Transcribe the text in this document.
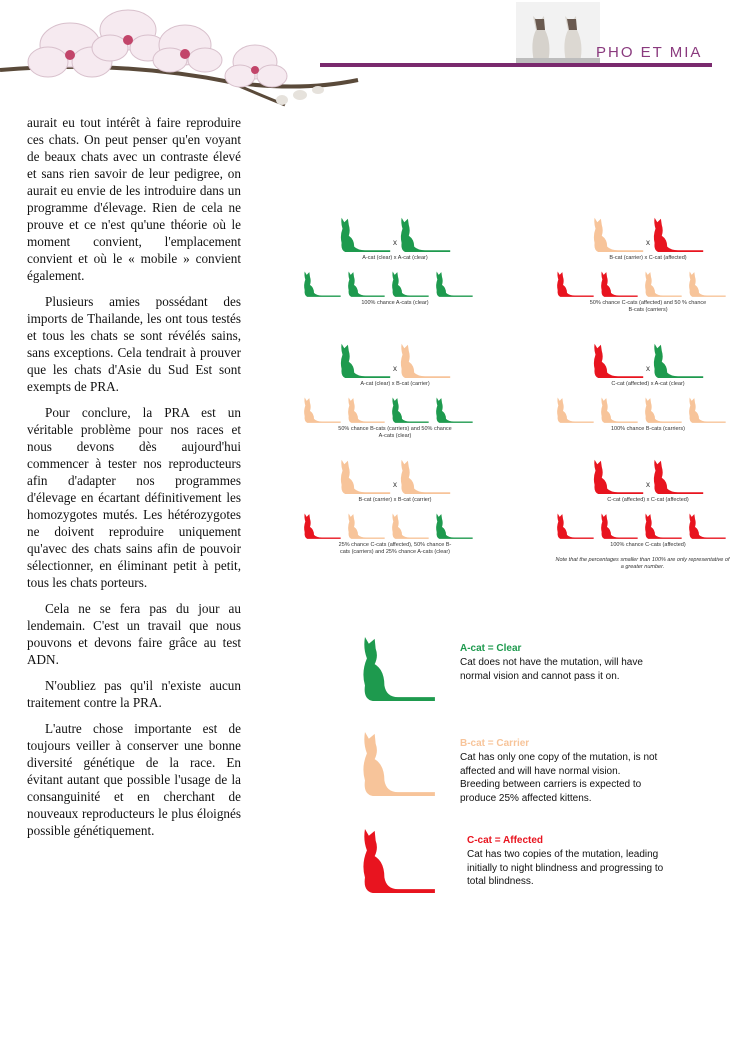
PHO ET MIA

aurait eu tout intérêt à faire reproduire ces chats. On peut penser qu'en voyant de beaux chats avec un contraste élevé et sans rien savoir de leur pedigree, on aurait eu envie de les introduire dans un programme d'élevage. Rien de cela ne prouve et ce n'est qu'une théorie où le moment convient, l'emplacement convient et où le « mobile » convient également.

Plusieurs amies possédant des imports de Thailande, les ont tous testés et tous les chats se sont révélés sains, sans exceptions. Cela tendrait à prouver que les chats d'Asie du Sud Est sont exempts de PRA.

Pour conclure, la PRA est un véritable problème pour nos races et nous devons dès aujourd'hui commencer à tester nos reproducteurs afin d'adapter nos programmes d'élevage en écartant définitivement les homozygotes mutés. Les hétérozygotes ne doivent reproduire uniquement qu'avec des chats sains afin de pouvoir sélectionner, en éliminant petit à petit, tous les chats porteurs.

Cela ne se fera pas du jour au lendemain. C'est un travail que nous pouvons et devons faire grâce au test ADN.

N'oubliez pas qu'il n'existe aucun traitement contre la PRA.

L'autre chose importante est de toujours veiller à conserver une bonne diversité génétique de la race. En évitant autant que possible l'usage de la consanguinité et en cherchant de nouveaux reproducteurs le plus éloignés possible génétiquement.

x
A-cat (clear) x A-cat (clear)
100% chance A-cats (clear)
x
B-cat (carrier) x C-cat (affected)
50% chance C-cats (affected) and 50 % chance B-cats (carriers)
x
A-cat (clear) x B-cat (carrier)
50% chance B-cats (carriers) and 50% chance A-cats (clear)
x
C-cat (affected) x A-cat (clear)
100% chance B-cats (carriers)
x
B-cat (carrier) x B-cat (carrier)
25% chance C-cats (affected), 50% chance B-cats (carriers) and 25% chance A-cats (clear)
x
C-cat (affected) x C-cat (affected)
100% chance C-cats (affected)
Note that the percentages smaller than 100% are only representative of a greater number.
A-cat = Clear
Cat does not have the mutation, will have normal vision and cannot pass it on.
B-cat = Carrier
Cat has only one copy of the mutation, is not affected and will have normal vision. Breeding between carriers is expected to produce 25% affected kittens.
C-cat = Affected
Cat has two copies of the mutation, leading initially to night blindness and progressing to total blindness.
